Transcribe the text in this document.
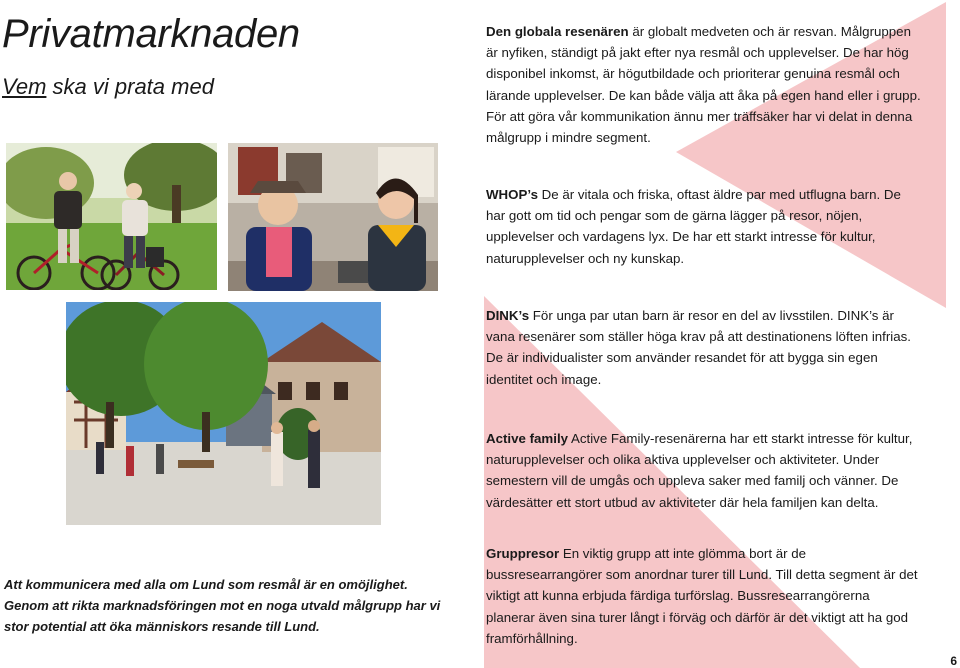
Privatmarknaden
Vem ska vi prata med

Att kommunicera med alla om Lund som resmål är en omöjlighet.

Genom att rikta marknadsföringen mot en noga utvald målgrupp har vi stor potential att öka människors resande till Lund.

Den globala resenären är globalt medveten och är resvan. Målgruppen är nyfiken, ständigt på jakt efter nya resmål och upplevelser. De har hög disponibel inkomst, är högutbildade och prioriterar genuina resmål och lärande upplevelser. De kan både välja att åka på egen hand eller i grupp. För att göra vår kommunikation ännu mer träffsäker har vi delat in denna målgrupp i mindre segment.

WHOP’s De är vitala och friska, oftast äldre par med utflugna barn. De har gott om tid och pengar som de gärna lägger på resor, nöjen, upplevelser och vardagens lyx. De har ett starkt intresse för kultur, naturupplevelser och ny kunskap.

DINK’s För unga par utan barn är resor en del av livsstilen. DINK’s är vana resenärer som ställer höga krav på att destinationens löften infrias. De är individualister som använder resandet för att bygga sin egen identitet och image.

Active family Active Family-resenärerna har ett starkt intresse för kultur, naturupplevelser och olika aktiva upplevelser och aktiviteter. Under semestern vill de umgås och uppleva saker med familj och vänner. De värdesätter ett stort utbud av aktiviteter där hela familjen kan delta.

Gruppresor En viktig grupp att inte glömma bort är de bussresearrangörer som anordnar turer till Lund. Till detta segment är det viktigt att kunna erbjuda färdiga turförslag. Bussresearrangörerna planerar även sina turer långt i förväg och därför är det viktigt att ha god framförhållning.

6
